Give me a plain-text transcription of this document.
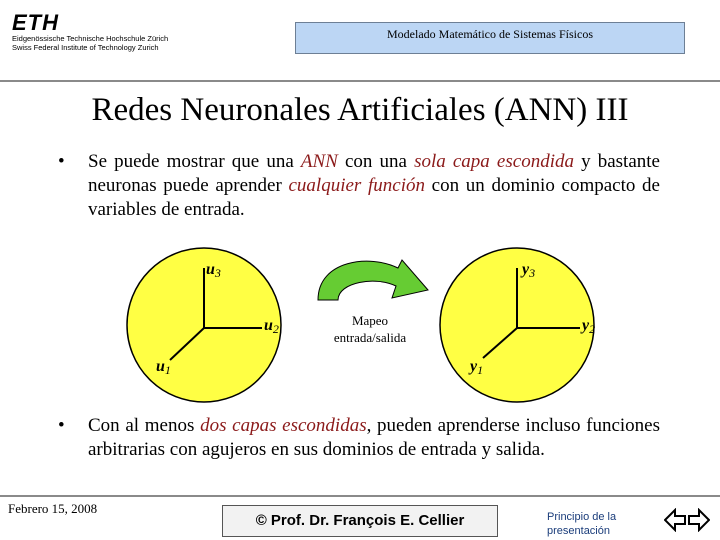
ETH
Eidgenössische Technische Hochschule Zürich
Swiss Federal Institute of Technology Zurich
Modelado Matemático de Sistemas Físicos
Redes Neuronales Artificiales (ANN) III
•	Se puede mostrar que una ANN con una sola capa escondida y bastante neuronas puede aprender cualquier función con un dominio compacto de variables de entrada.
u3
u2
u1
Mapeo
entrada/salida
y3
y2
y1
•	Con al menos dos capas escondidas, pueden aprenderse incluso funciones arbitrarias con agujeros en sus dominios de entrada y salida.
Febrero 15, 2008
© Prof. Dr. François E. Cellier	Principio de la
presentación
